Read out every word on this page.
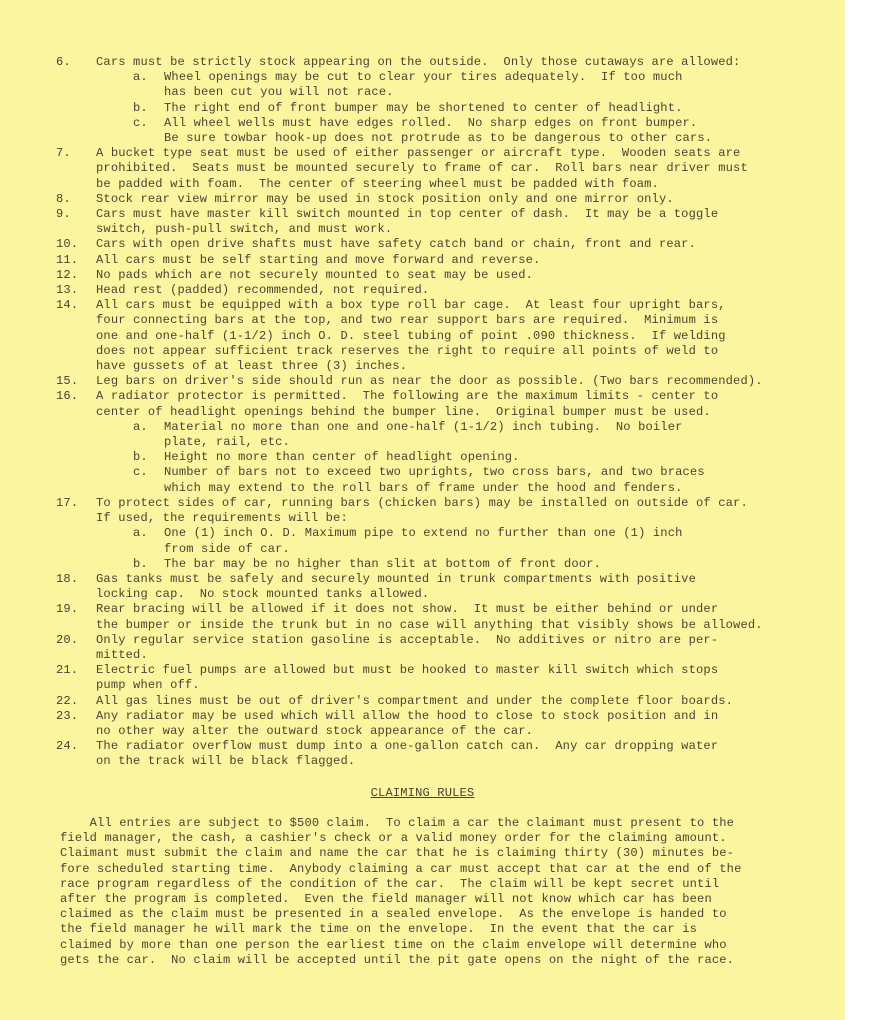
6.	Cars must be strictly stock appearing on the outside.  Only those cutaways are allowed:
a. Wheel openings may be cut to clear your tires adequately.  If too much
has been cut you will not race.
b. The right end of front bumper may be shortened to center of headlight.
c. All wheel wells must have edges rolled.  No sharp edges on front bumper.
Be sure towbar hook-up does not protrude as to be dangerous to other cars.
7.	A bucket type seat must be used of either passenger or aircraft type.  Wooden seats are
prohibited.  Seats must be mounted securely to frame of car.  Roll bars near driver must
be padded with foam.  The center of steering wheel must be padded with foam.
8.	Stock rear view mirror may be used in stock position only and one mirror only.
9.	Cars must have master kill switch mounted in top center of dash.  It may be a toggle
switch, push-pull switch, and must work.
10.	Cars with open drive shafts must have safety catch band or chain, front and rear.
11.	All cars must be self starting and move forward and reverse.
12.	No pads which are not securely mounted to seat may be used.
13.	Head rest (padded) recommended, not required.
14.	All cars must be equipped with a box type roll bar cage.  At least four upright bars,
four connecting bars at the top, and two rear support bars are required.  Minimum is
one and one-half (1-1/2) inch O. D. steel tubing of point .090 thickness.  If welding
does not appear sufficient track reserves the right to require all points of weld to
have gussets of at least three (3) inches.
15.	Leg bars on driver's side should run as near the door as possible. (Two bars recommended).
16.	A radiator protector is permitted.  The following are the maximum limits - center to
center of headlight openings behind the bumper line.  Original bumper must be used.
a. Material no more than one and one-half (1-1/2) inch tubing.  No boiler
plate, rail, etc.
b. Height no more than center of headlight opening.
c. Number of bars not to exceed two uprights, two cross bars, and two braces
which may extend to the roll bars of frame under the hood and fenders.
17.	To protect sides of car, running bars (chicken bars) may be installed on outside of car.
If used, the requirements will be:
a. One (1) inch O. D. Maximum pipe to extend no further than one (1) inch
from side of car.
b. The bar may be no higher than slit at bottom of front door.
18.	Gas tanks must be safely and securely mounted in trunk compartments with positive
locking cap.  No stock mounted tanks allowed.
19.	Rear bracing will be allowed if it does not show.  It must be either behind or under
the bumper or inside the trunk but in no case will anything that visibly shows be allowed.
20.	Only regular service station gasoline is acceptable.  No additives or nitro are per-
mitted.
21.	Electric fuel pumps are allowed but must be hooked to master kill switch which stops
pump when off.
22.	All gas lines must be out of driver's compartment and under the complete floor boards.
23.	Any radiator may be used which will allow the hood to close to stock position and in
no other way alter the outward stock appearance of the car.
24.	The radiator overflow must dump into a one-gallon catch can.  Any car dropping water
on the track will be black flagged.
CLAIMING RULES
All entries are subject to $500 claim.  To claim a car the claimant must present to the
field manager, the cash, a cashier's check or a valid money order for the claiming amount.
Claimant must submit the claim and name the car that he is claiming thirty (30) minutes be-
fore scheduled starting time.  Anybody claiming a car must accept that car at the end of the
race program regardless of the condition of the car.  The claim will be kept secret until
after the program is completed.  Even the field manager will not know which car has been
claimed as the claim must be presented in a sealed envelope.  As the envelope is handed to
the field manager he will mark the time on the envelope.  In the event that the car is
claimed by more than one person the earliest time on the claim envelope will determine who
gets the car.  No claim will be accepted until the pit gate opens on the night of the race.
